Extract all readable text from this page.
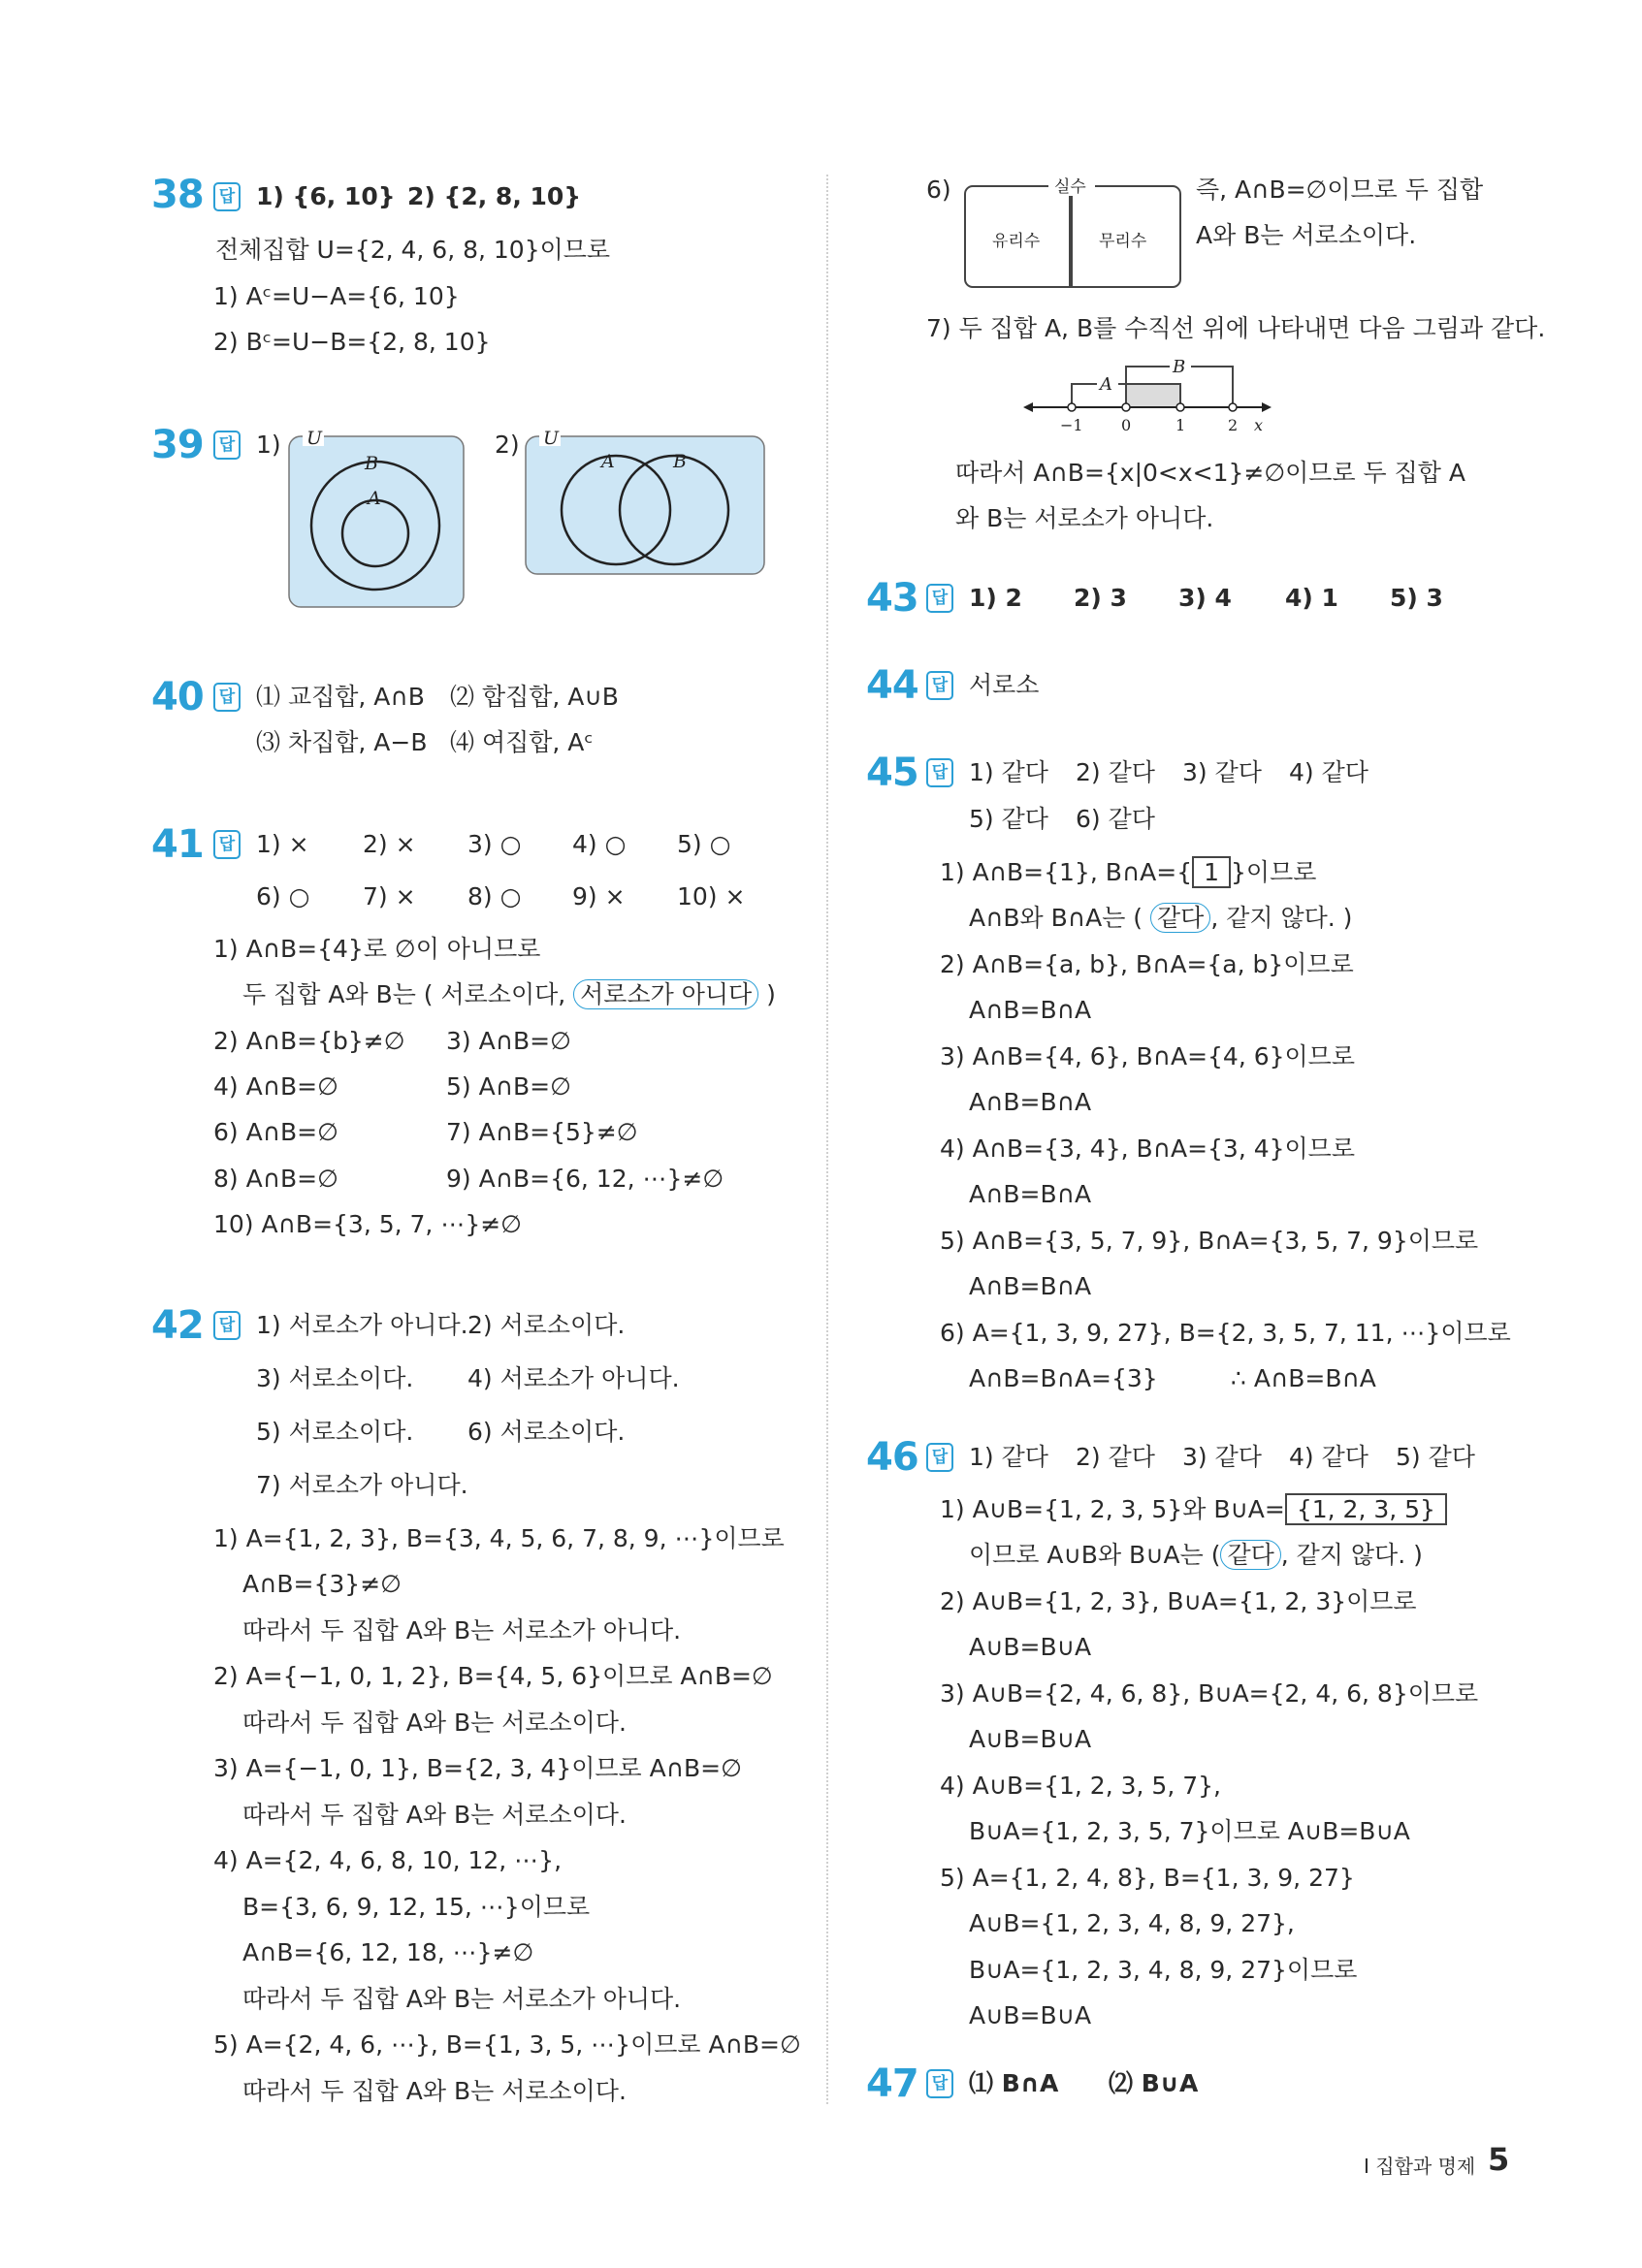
38 답 1) {6, 10} 2) {2, 8, 10}
전체집합 U={2, 4, 6, 8, 10}이므로
1) Aᶜ=U−A={6, 10}
2) Bᶜ=U−B={2, 8, 10}
39 답 1)	2)
U
B
A
U
A	B
40 답 ⑴ 교집합, A∩B ⑵ 합집합, A∪B
⑶ 차집합, A−B ⑷ 여집합, Aᶜ
41 답 1) × 2) × 3) ○ 4) ○ 5) ○
6) ○ 7) × 8) ○ 9) × 10) ×
1) A∩B={4}로 ∅이 아니므로
두 집합 A와 B는 ( 서로소이다, 서로소가 아니다 )
2) A∩B={b}≠∅ 3) A∩B=∅
4) A∩B=∅	5) A∩B=∅
6) A∩B=∅	7) A∩B={5}≠∅
8) A∩B=∅	9) A∩B={6, 12, ⋯}≠∅
10) A∩B={3, 5, 7, ⋯}≠∅
42 답 1) 서로소가 아니다. 2) 서로소이다.
3) 서로소이다. 4) 서로소가 아니다.
5) 서로소이다. 6) 서로소이다.
7) 서로소가 아니다.
1) A={1, 2, 3}, B={3, 4, 5, 6, 7, 8, 9, ⋯}이므로
A∩B={3}≠∅
따라서 두 집합 A와 B는 서로소가 아니다.
2) A={−1, 0, 1, 2}, B={4, 5, 6}이므로 A∩B=∅
따라서 두 집합 A와 B는 서로소이다.
3) A={−1, 0, 1}, B={2, 3, 4}이므로 A∩B=∅
따라서 두 집합 A와 B는 서로소이다.
4) A={2, 4, 6, 8, 10, 12, ⋯},
B={3, 6, 9, 12, 15, ⋯}이므로
A∩B={6, 12, 18, ⋯}≠∅
따라서 두 집합 A와 B는 서로소가 아니다.
5) A={2, 4, 6, ⋯}, B={1, 3, 5, ⋯}이므로 A∩B=∅
따라서 두 집합 A와 B는 서로소이다.
6)	실수
유리수	무리수
즉, A∩B=∅이므로 두 집합
A와 B는 서로소이다.
7) 두 집합 A, B를 수직선 위에 나타내면 다음 그림과 같다.
A
B
−1 0	1	2 x
따라서 A∩B={x|0<x<1}≠∅이므로 두 집합 A
와 B는 서로소가 아니다.
43 답 1) 2 2) 3 3) 4 4) 1 5) 3
44 답 서로소
45 답 1) 같다 2) 같다 3) 같다 4) 같다
5) 같다 6) 같다
1) A∩B={1}, B∩A={ 1 }이므로
A∩B와 B∩A는 ( 같다 , 같지 않다. )
2) A∩B={a, b}, B∩A={a, b}이므로
A∩B=B∩A
3) A∩B={4, 6}, B∩A={4, 6}이므로
A∩B=B∩A
4) A∩B={3, 4}, B∩A={3, 4}이므로
A∩B=B∩A
5) A∩B={3, 5, 7, 9}, B∩A={3, 5, 7, 9}이므로
A∩B=B∩A
6) A={1, 3, 9, 27}, B={2, 3, 5, 7, 11, ⋯}이므로
A∩B=B∩A={3}	∴ A∩B=B∩A
46 답 1) 같다 2) 같다 3) 같다 4) 같다 5) 같다
1) A∪B={1, 2, 3, 5}와 B∪A= {1, 2, 3, 5}
이므로 A∪B와 B∪A는 ( 같다 , 같지 않다. )
2) A∪B={1, 2, 3}, B∪A={1, 2, 3}이므로
A∪B=B∪A
3) A∪B={2, 4, 6, 8}, B∪A={2, 4, 6, 8}이므로
A∪B=B∪A
4) A∪B={1, 2, 3, 5, 7},
B∪A={1, 2, 3, 5, 7}이므로 A∪B=B∪A
5) A={1, 2, 4, 8}, B={1, 3, 9, 27}
A∪B={1, 2, 3, 4, 8, 9, 27},
B∪A={1, 2, 3, 4, 8, 9, 27}이므로
A∪B=B∪A
47 답 ⑴ B∩A ⑵ B∪A
Ⅰ 집합과 명제 5
